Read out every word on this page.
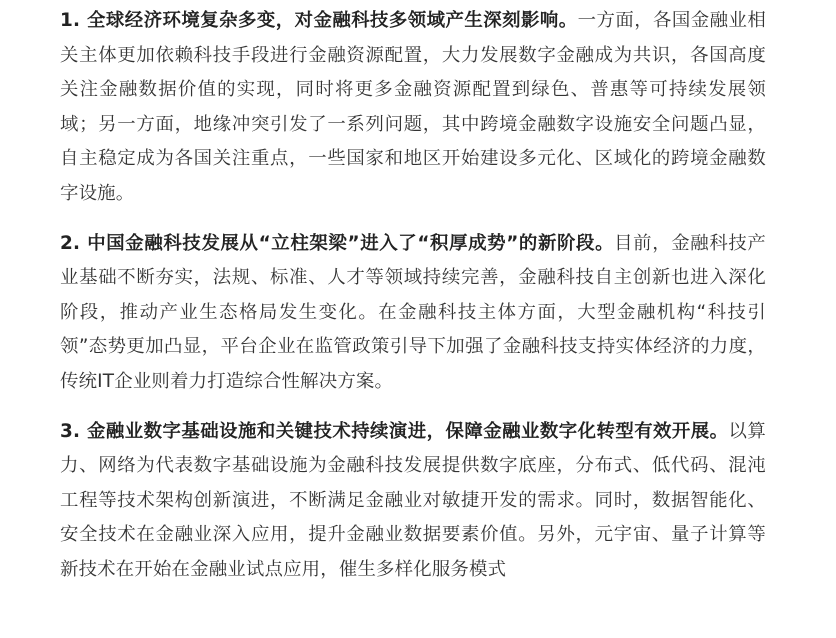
1. 全球经济环境复杂多变，对金融科技多领域产生深刻影响。一方面，各国金融业相关主体更加依赖科技手段进行金融资源配置，大力发展数字金融成为共识，各国高度关注金融数据价值的实现，同时将更多金融资源配置到绿色、普惠等可持续发展领域；另一方面，地缘冲突引发了一系列问题，其中跨境金融数字设施安全问题凸显，自主稳定成为各国关注重点，一些国家和地区开始建设多元化、区域化的跨境金融数字设施。

2. 中国金融科技发展从“立柱架梁”进入了“积厚成势”的新阶段。目前，金融科技产业基础不断夯实，法规、标准、人才等领域持续完善，金融科技自主创新也进入深化阶段，推动产业生态格局发生变化。在金融科技主体方面，大型金融机构“科技引领”态势更加凸显，平台企业在监管政策引导下加强了金融科技支持实体经济的力度，传统IT企业则着力打造综合性解决方案。

3. 金融业数字基础设施和关键技术持续演进，保障金融业数字化转型有效开展。以算力、网络为代表数字基础设施为金融科技发展提供数字底座，分布式、低代码、混沌工程等技术架构创新演进，不断满足金融业对敏捷开发的需求。同时，数据智能化、安全技术在金融业深入应用，提升金融业数据要素价值。另外，元宇宙、量子计算等新技术在开始在金融业试点应用，催生多样化服务模式
